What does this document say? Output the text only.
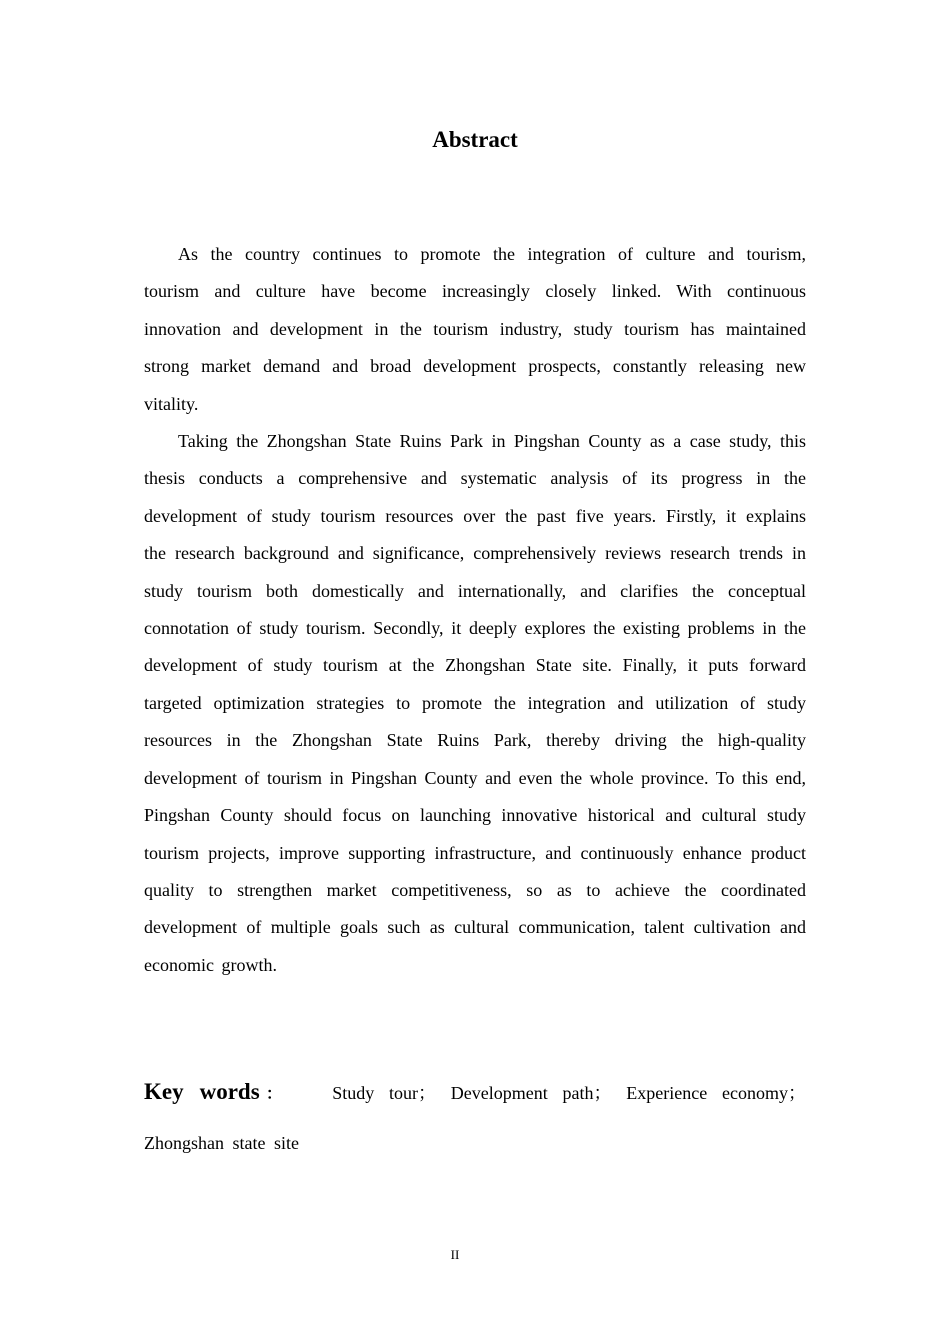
Abstract

As the country continues to promote the integration of culture and tourism, tourism and culture have become increasingly closely linked. With continuous innovation and development in the tourism industry, study tourism has maintained strong market demand and broad development prospects, constantly releasing new vitality.

Taking the Zhongshan State Ruins Park in Pingshan County as a case study, this thesis conducts a comprehensive and systematic analysis of its progress in the development of study tourism resources over the past five years. Firstly, it explains the research background and significance, comprehensively reviews research trends in study tourism both domestically and internationally, and clarifies the conceptual connotation of study tourism. Secondly, it deeply explores the existing problems in the development of study tourism at the Zhongshan State site. Finally, it puts forward targeted optimization strategies to promote the integration and utilization of study resources in the Zhongshan State Ruins Park, thereby driving the high-quality development of tourism in Pingshan County and even the whole province. To this end, Pingshan County should focus on launching innovative historical and cultural study tourism projects, improve supporting infrastructure, and continuously enhance product quality to strengthen market competitiveness, so as to achieve the coordinated development of multiple goals such as cultural communication, talent cultivation and economic growth.

Key words： Study tour； Development path； Experience economy； Zhongshan state site
II
